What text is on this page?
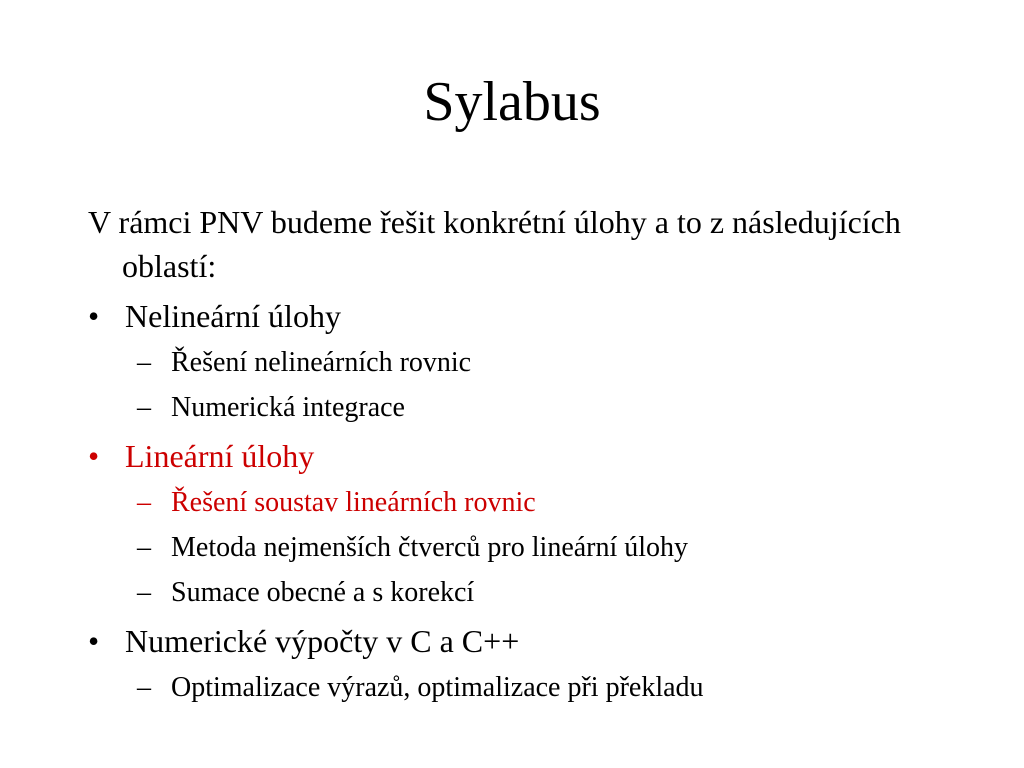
Sylabus

V rámci PNV budeme řešit konkrétní úlohy a to z následujících oblastí:

• Nelineární úlohy
– Řešení nelineárních rovnic
– Numerická integrace
• Lineární úlohy
– Řešení soustav lineárních rovnic
– Metoda nejmenších čtverců pro lineární úlohy
– Sumace obecné a s korekcí
• Numerické výpočty v C a C++
– Optimalizace výrazů, optimalizace při překladu
